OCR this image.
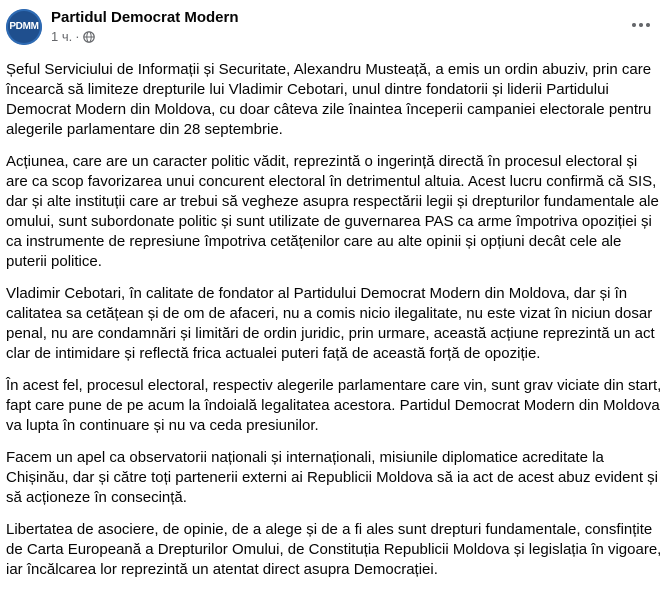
PDMM
Partidul Democrat Modern
1 ч. ·

Șeful Serviciului de Informații și Securitate, Alexandru Musteață, a emis un ordin abuziv, prin care încearcă să limiteze drepturile lui Vladimir Cebotari, unul dintre fondatorii și liderii Partidului Democrat Modern din Moldova, cu doar câteva zile înaintea începerii campaniei electorale pentru alegerile parlamentare din 28 septembrie.

Acțiunea, care are un caracter politic vădit, reprezintă o ingerință directă în procesul electoral și are ca scop favorizarea unui concurent electoral în detrimentul altuia. Acest lucru confirmă că SIS, dar și alte instituții care ar trebui să vegheze asupra respectării legii și drepturilor fundamentale ale omului, sunt subordonate politic și sunt utilizate de guvernarea PAS ca arme împotriva opoziției și ca instrumente de represiune împotriva cetățenilor care au alte opinii și opțiuni decât cele ale puterii politice.

Vladimir Cebotari, în calitate de fondator al Partidului Democrat Modern din Moldova, dar și în calitatea sa cetățean și de om de afaceri, nu a comis nicio ilegalitate, nu este vizat în niciun dosar penal, nu are condamnări și limitări de ordin juridic, prin urmare, această acțiune reprezintă un act clar de intimidare și reflectă frica actualei puteri față de această forță de opoziție.

În acest fel, procesul electoral, respectiv alegerile parlamentare care vin, sunt grav viciate din start, fapt care pune de pe acum la îndoială legalitatea acestora. Partidul Democrat Modern din Moldova va lupta în continuare și nu va ceda presiunilor.

Facem un apel ca observatorii naționali și internaționali, misiunile diplomatice acreditate la Chișinău, dar și către toți partenerii externi ai Republicii Moldova să ia act de acest abuz evident și să acționeze în consecință.

Libertatea de asociere, de opinie, de a alege și de a fi ales sunt drepturi fundamentale, consfințite de Carta Europeană a Drepturilor Omului, de Constituția Republicii Moldova și legislația în vigoare, iar încălcarea lor reprezintă un atentat direct asupra Democrației.
